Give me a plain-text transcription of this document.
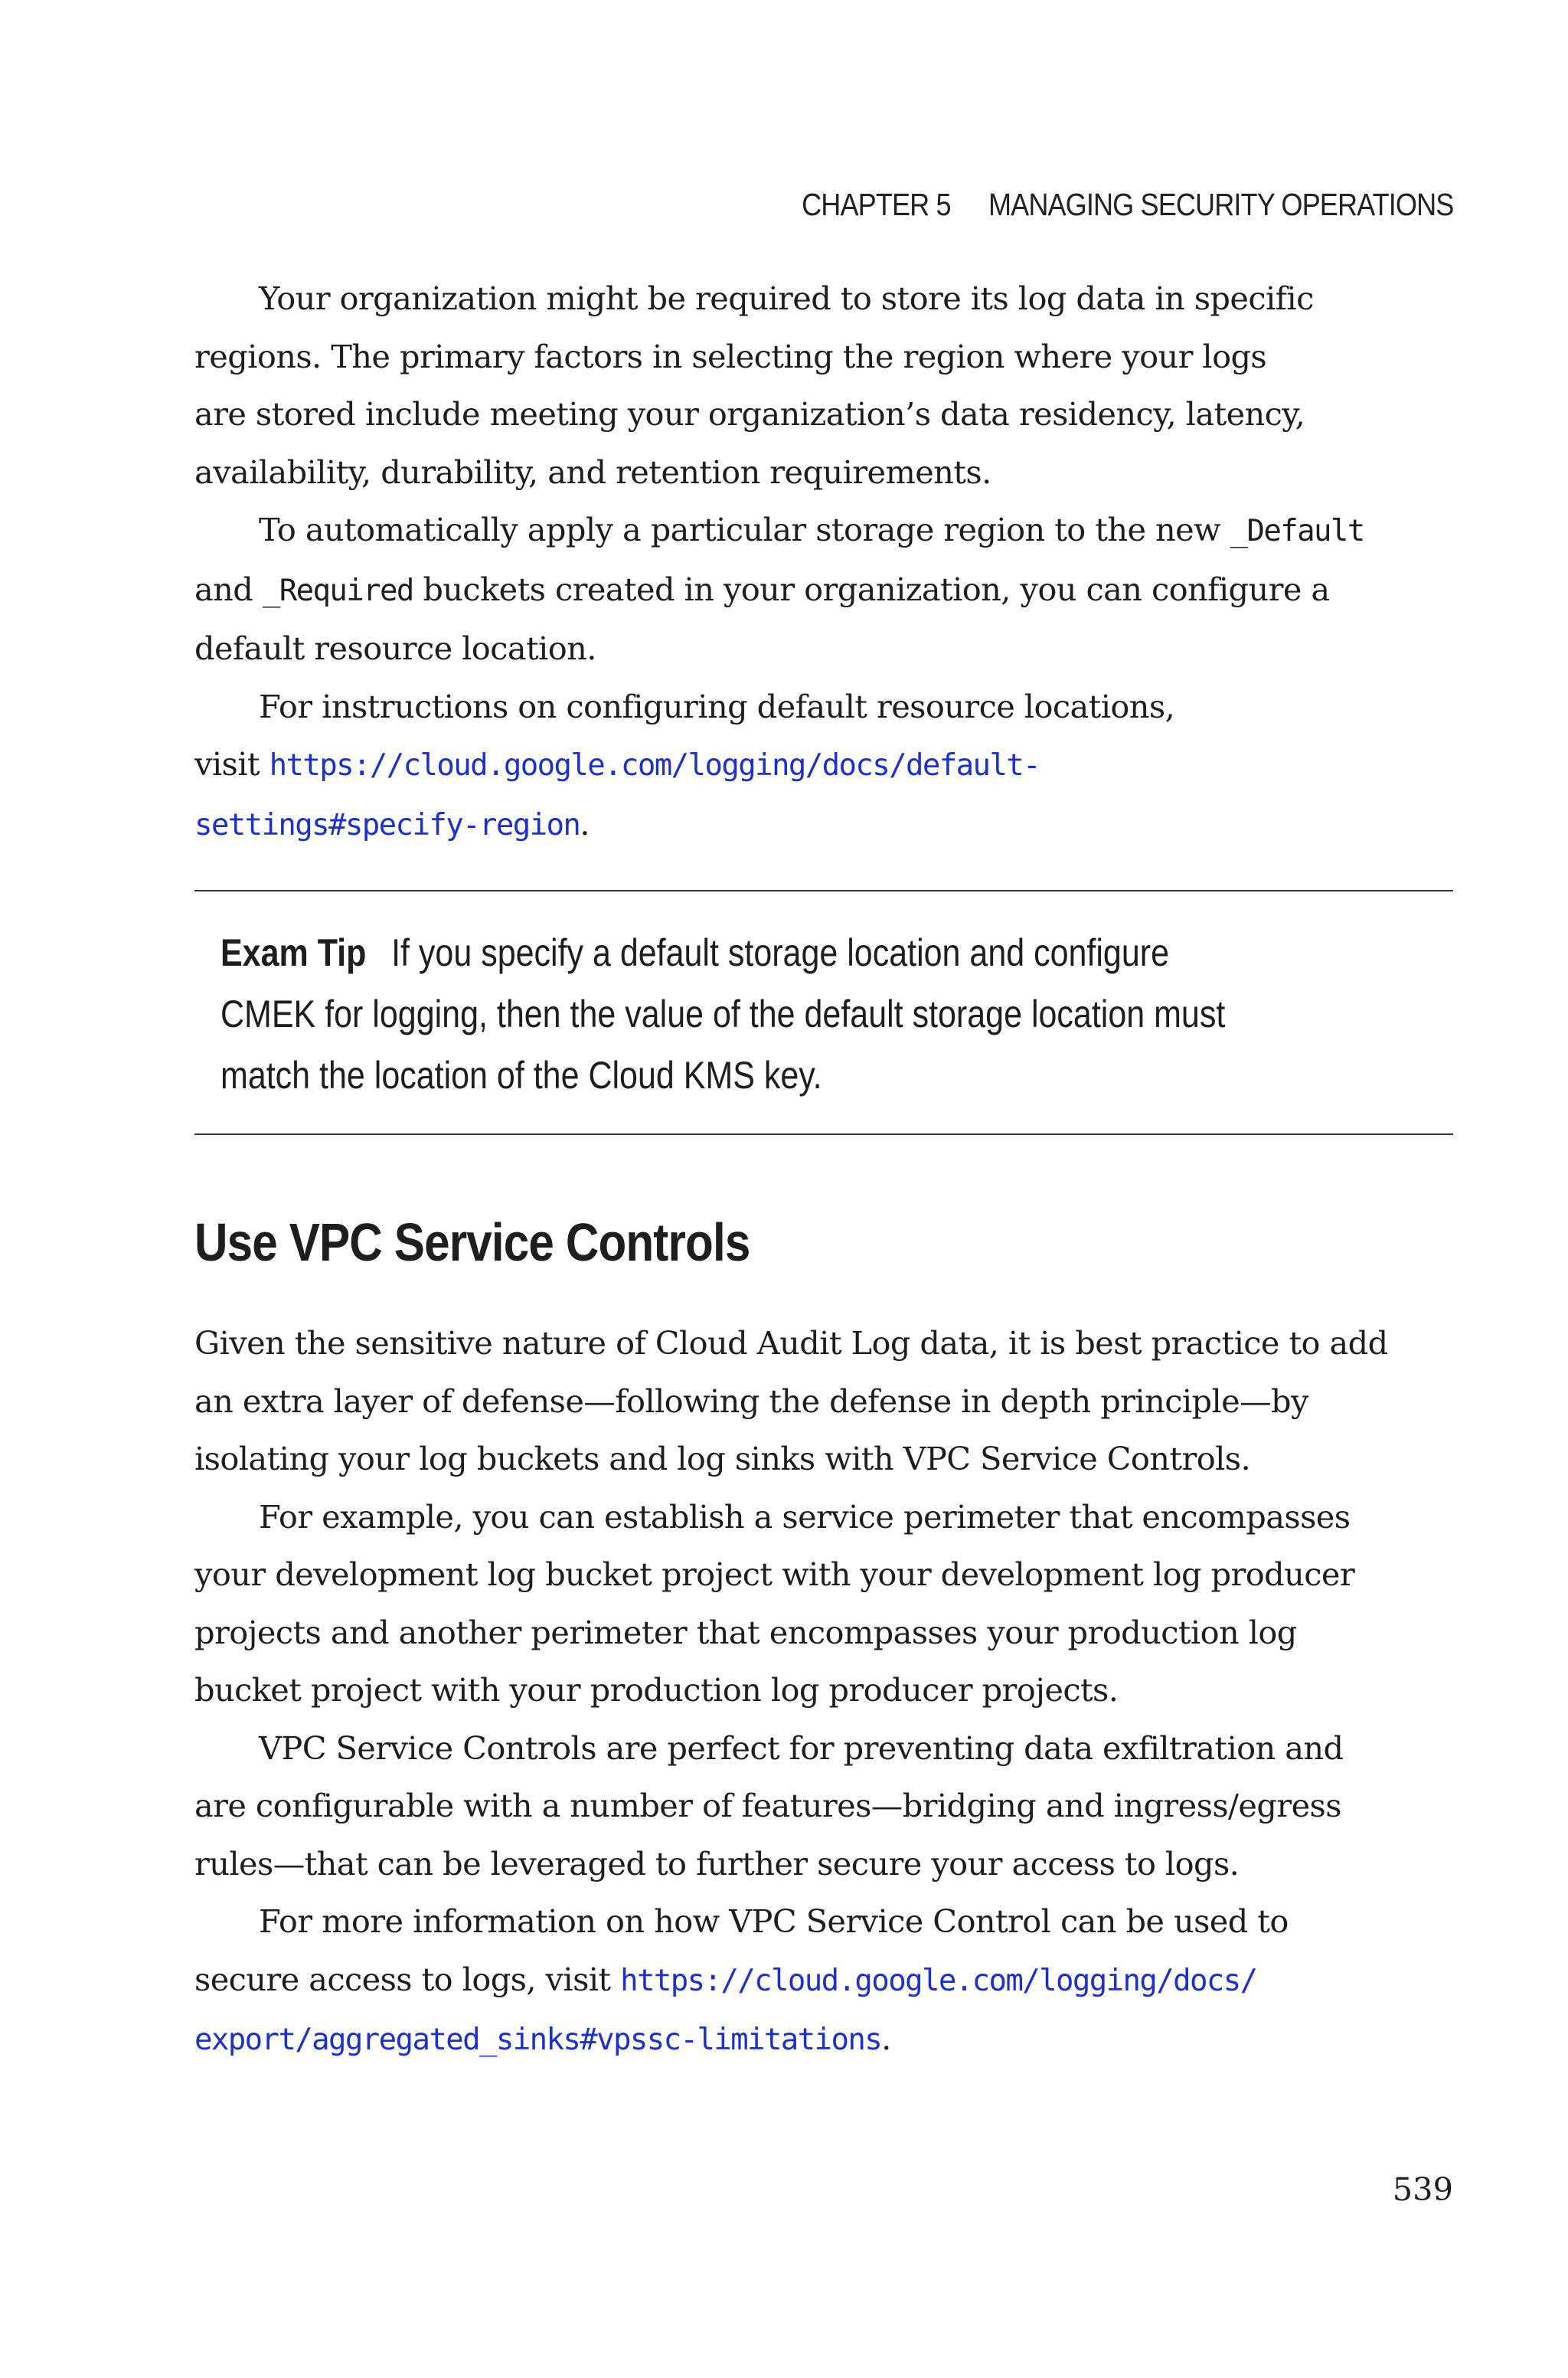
CHAPTER 5 MANAGING SECURITY OPERATIONS

Your organization might be required to store its log data in specific
regions. The primary factors in selecting the region where your logs
are stored include meeting your organization’s data residency, latency,
availability, durability, and retention requirements.

To automatically apply a particular storage region to the new _Default
and _Required buckets created in your organization, you can configure a
default resource location.

For instructions on configuring default resource locations,
visit https://cloud.google.com/logging/docs/default-
settings#specify-region.

Exam Tip If you specify a default storage location and configure
CMEK for logging, then the value of the default storage location must
match the location of the Cloud KMS key.
Use VPC Service Controls

Given the sensitive nature of Cloud Audit Log data, it is best practice to add
an extra layer of defense—following the defense in depth principle—by
isolating your log buckets and log sinks with VPC Service Controls.

For example, you can establish a service perimeter that encompasses
your development log bucket project with your development log producer
projects and another perimeter that encompasses your production log
bucket project with your production log producer projects.

VPC Service Controls are perfect for preventing data exfiltration and
are configurable with a number of features—bridging and ingress/egress
rules—that can be leveraged to further secure your access to logs.

For more information on how VPC Service Control can be used to
secure access to logs, visit https://cloud.google.com/logging/docs/
export/aggregated_sinks#vpssc-limitations.

539
